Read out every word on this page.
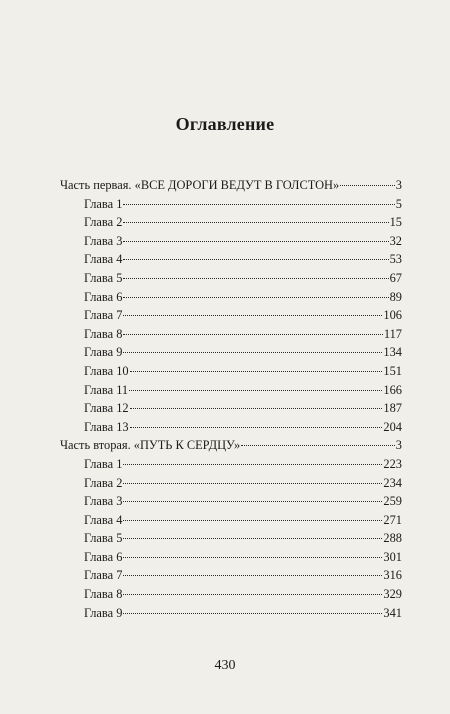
Оглавление
Часть первая. «ВСЕ ДОРОГИ ВЕДУТ В ГОЛСТОН»	3
Глава 1	5
Глава 2	15
Глава 3	32
Глава 4	53
Глава 5	67
Глава 6	89
Глава 7	106
Глава 8	117
Глава 9	134
Глава 10	151
Глава 11	166
Глава 12	187
Глава 13	204
Часть вторая. «ПУТЬ К СЕРДЦУ»	3
Глава 1	223
Глава 2	234
Глава 3	259
Глава 4	271
Глава 5	288
Глава 6	301
Глава 7	316
Глава 8	329
Глава 9	341
430
